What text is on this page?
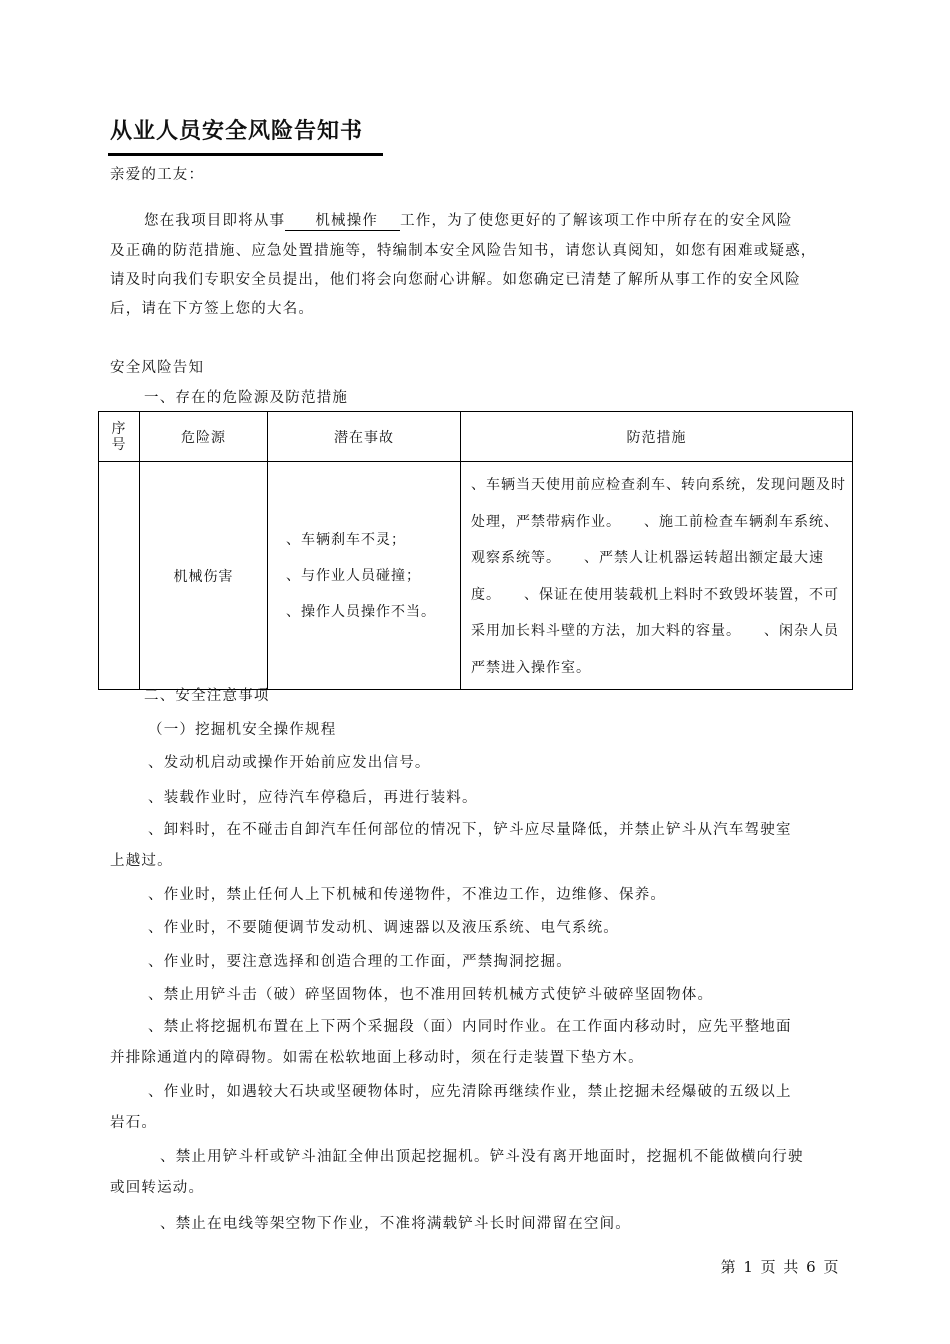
从业人员安全风险告知书
亲爱的工友：
您在我项目即将从事 机械操作 工作，为了使您更好的了解该项工作中所存在的安全风险
及正确的防范措施、应急处置措施等，特编制本安全风险告知书，请您认真阅知，如您有困难或疑惑，
请及时向我们专职安全员提出，他们将会向您耐心讲解。如您确定已清楚了解所从事工作的安全风险
后，请在下方签上您的大名。
安全风险告知
一、存在的危险源及防范措施
序
号	危险源	潜在事故	防范措施
	机械伤害	、车辆刹车不灵；
、与作业人员碰撞；
、操作人员操作不当。	、车辆当天使用前应检查刹车、转向系统，发现问题及时处理，严禁带病作业。　　、施工前检查车辆刹车系统、观察系统等。　　、严禁人让机器运转超出额定最大速度。　　、保证在使用装载机上料时不致毁坏装置，不可采用加长料斗壁的方法，加大料的容量。　　、闲杂人员严禁进入操作室。
二、安全注意事项
（一）挖掘机安全操作规程
、发动机启动或操作开始前应发出信号。
、装载作业时，应待汽车停稳后，再进行装料。
、卸料时，在不碰击自卸汽车任何部位的情况下，铲斗应尽量降低，并禁止铲斗从汽车驾驶室
上越过。
、作业时，禁止任何人上下机械和传递物件，不准边工作，边维修、保养。
、作业时，不要随便调节发动机、调速器以及液压系统、电气系统。
、作业时，要注意选择和创造合理的工作面，严禁掏洞挖掘。
、禁止用铲斗击（破）碎坚固物体，也不准用回转机械方式使铲斗破碎坚固物体。
、禁止将挖掘机布置在上下两个采掘段（面）内同时作业。在工作面内移动时，应先平整地面
并排除通道内的障碍物。如需在松软地面上移动时，须在行走装置下垫方木。
、作业时，如遇较大石块或坚硬物体时，应先清除再继续作业，禁止挖掘未经爆破的五级以上
岩石。
、禁止用铲斗杆或铲斗油缸全伸出顶起挖掘机。铲斗没有离开地面时，挖掘机不能做横向行驶
或回转运动。
、禁止在电线等架空物下作业，不准将满载铲斗长时间滞留在空间。
第 1 页 共 6 页
